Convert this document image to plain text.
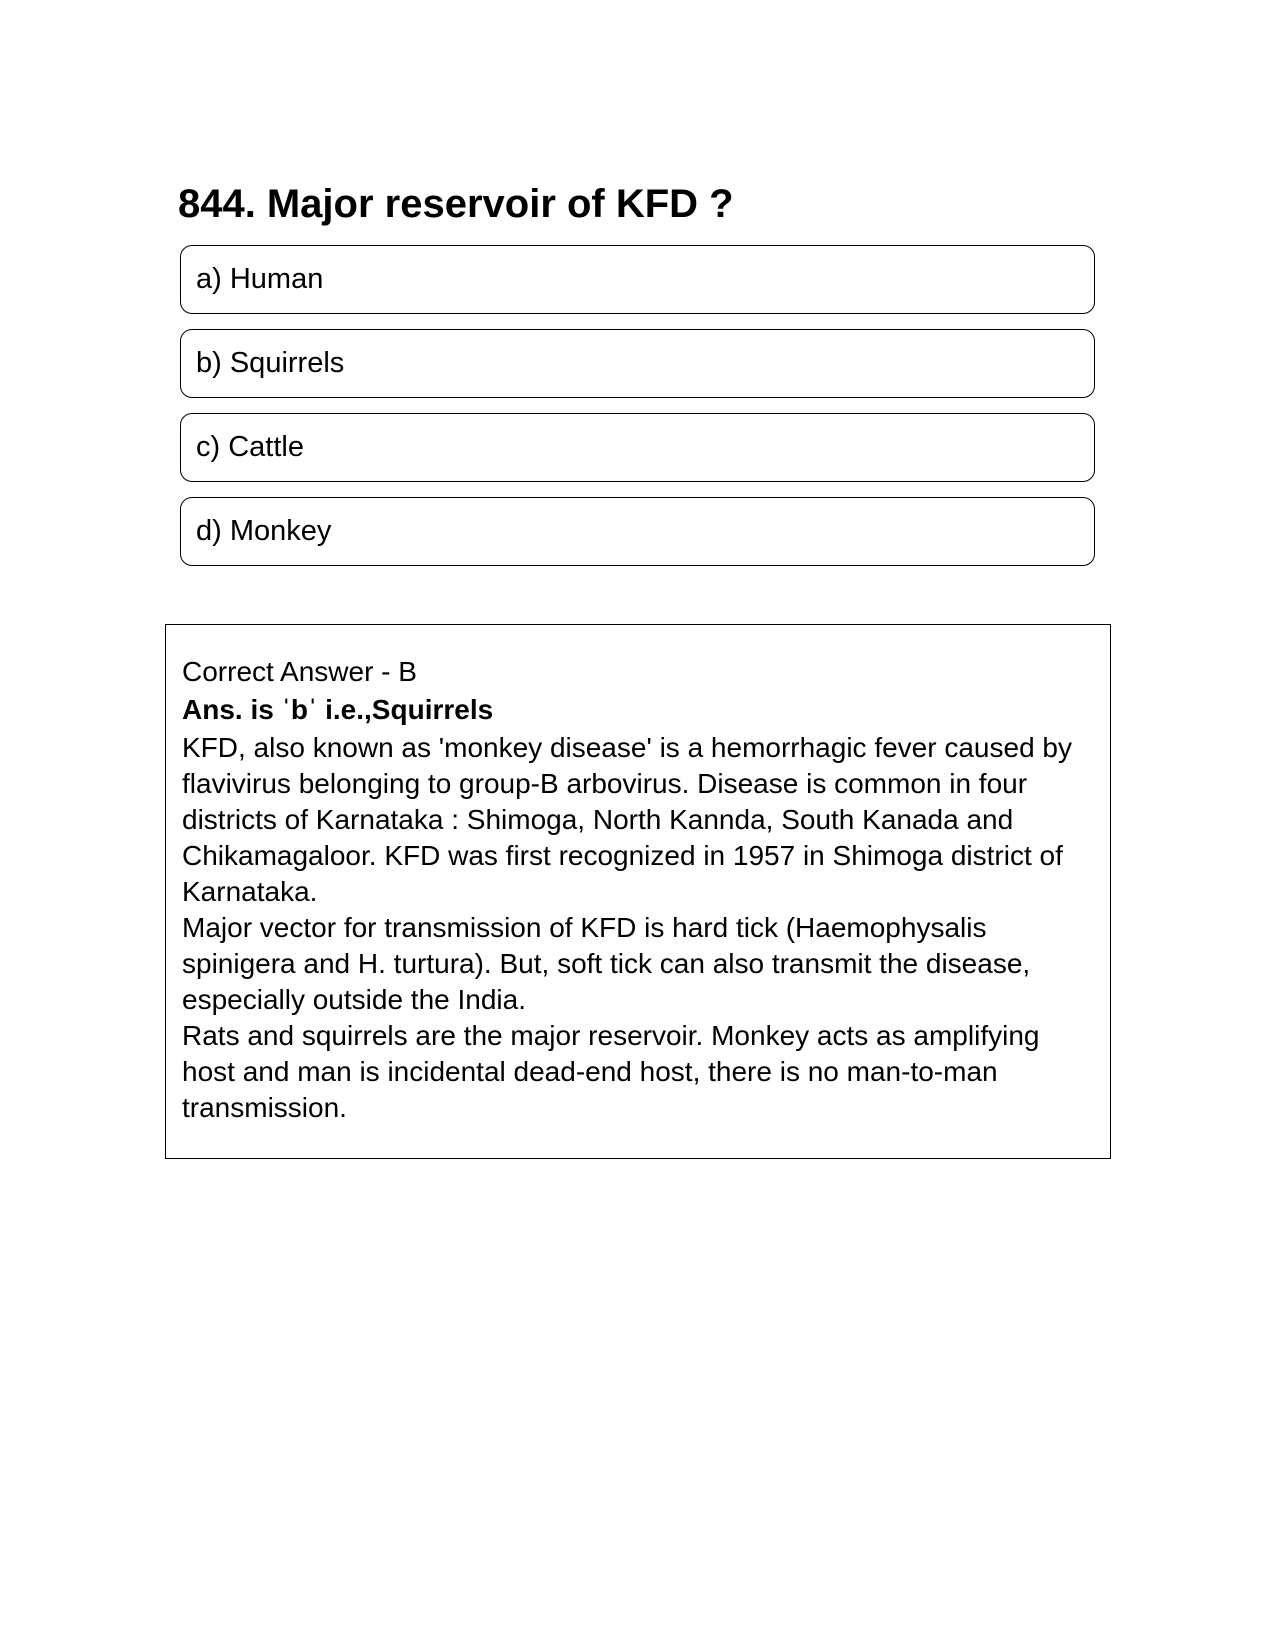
844. Major reservoir of KFD ?
a) Human
b) Squirrels
c) Cattle
d) Monkey

Correct Answer - B

Ans. is ˈbˈ i.e.,Squirrels

KFD, also known as 'monkey disease' is a hemorrhagic fever caused by flavivirus belonging to group-B arbovirus. Disease is common in four districts of Karnataka : Shimoga, North Kannda, South Kanada and Chikamagaloor. KFD was first recognized in 1957 in Shimoga district of Karnataka.

Major vector for transmission of KFD is hard tick (Haemophysalis spinigera and H. turtura). But, soft tick can also transmit the disease, especially outside the India.

Rats and squirrels are the major reservoir. Monkey acts as amplifying host and man is incidental dead-end host, there is no man-to-man transmission.
